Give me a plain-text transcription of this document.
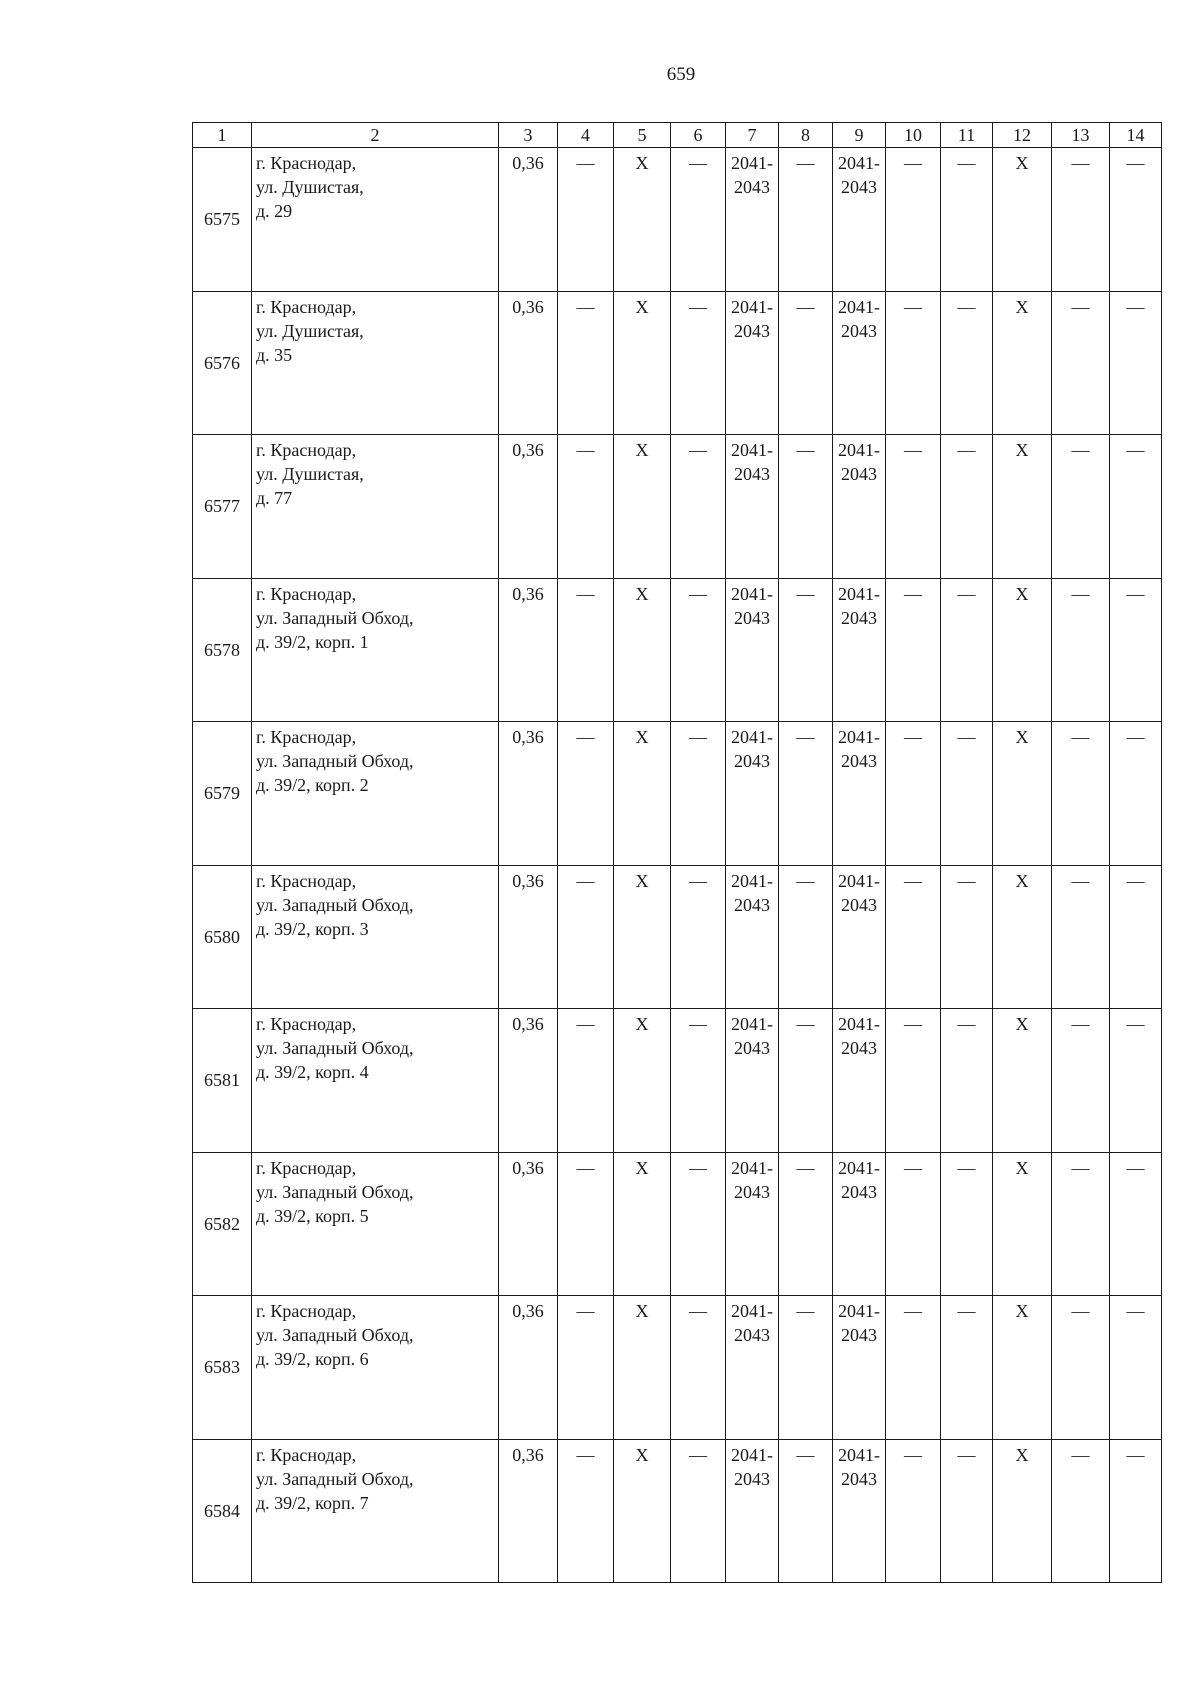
659
1	2	3	4	5	6	7	8	9	10	11	12	13	14
6575	г. Краснодар,
ул. Душистая,
д. 29	0,36	—	X	—	2041-
2043	—	2041-
2043	—	—	X	—	—
6576	г. Краснодар,
ул. Душистая,
д. 35	0,36	—	X	—	2041-
2043	—	2041-
2043	—	—	X	—	—
6577	г. Краснодар,
ул. Душистая,
д. 77	0,36	—	X	—	2041-
2043	—	2041-
2043	—	—	X	—	—
6578	г. Краснодар,
ул. Западный Обход,
д. 39/2, корп. 1	0,36	—	X	—	2041-
2043	—	2041-
2043	—	—	X	—	—
6579	г. Краснодар,
ул. Западный Обход,
д. 39/2, корп. 2	0,36	—	X	—	2041-
2043	—	2041-
2043	—	—	X	—	—
6580	г. Краснодар,
ул. Западный Обход,
д. 39/2, корп. 3	0,36	—	X	—	2041-
2043	—	2041-
2043	—	—	X	—	—
6581	г. Краснодар,
ул. Западный Обход,
д. 39/2, корп. 4	0,36	—	X	—	2041-
2043	—	2041-
2043	—	—	X	—	—
6582	г. Краснодар,
ул. Западный Обход,
д. 39/2, корп. 5	0,36	—	X	—	2041-
2043	—	2041-
2043	—	—	X	—	—
6583	г. Краснодар,
ул. Западный Обход,
д. 39/2, корп. 6	0,36	—	X	—	2041-
2043	—	2041-
2043	—	—	X	—	—
6584	г. Краснодар,
ул. Западный Обход,
д. 39/2, корп. 7	0,36	—	X	—	2041-
2043	—	2041-
2043	—	—	X	—	—
